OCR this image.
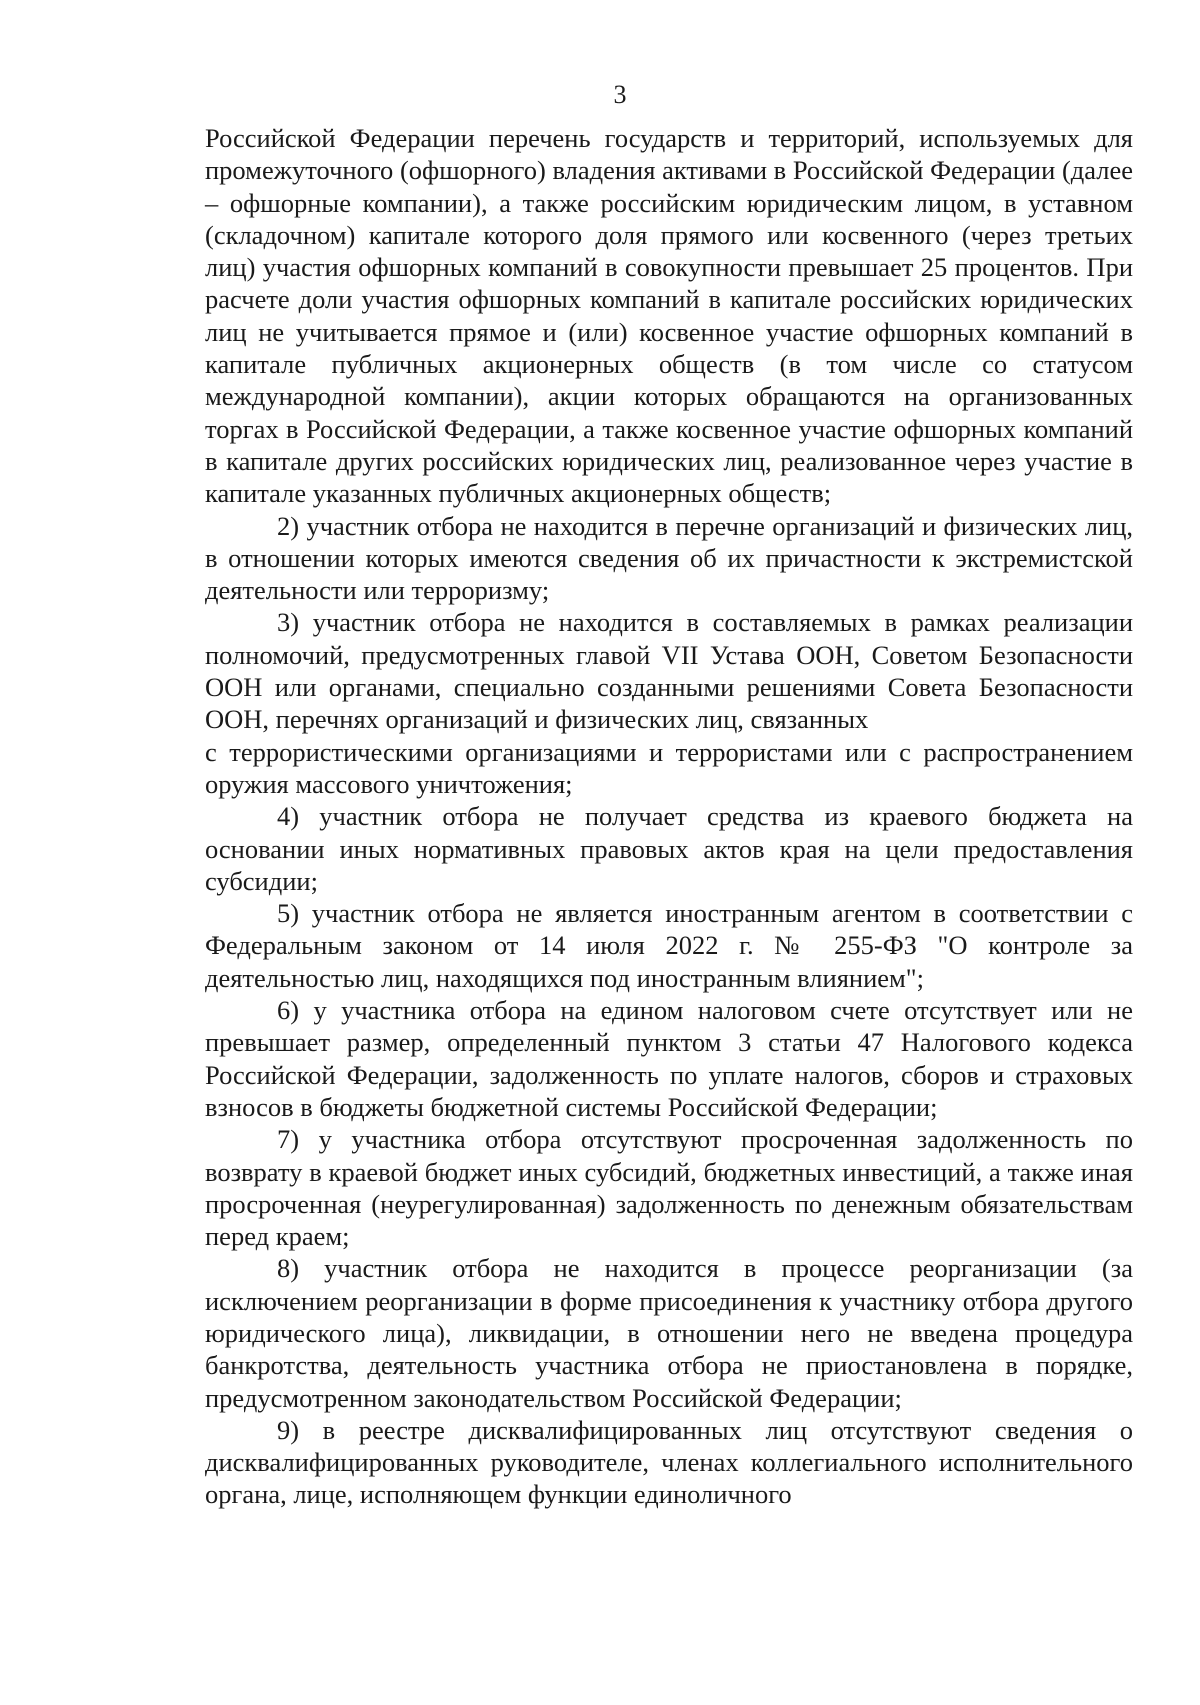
3

Российской Федерации перечень государств и территорий, используемых для промежуточного (офшорного) владения активами в Российской Федерации (далее – офшорные компании), а также российским юридическим лицом, в уставном (складочном) капитале которого доля прямого или косвенного (через третьих лиц) участия офшорных компаний в совокупности превышает 25 процентов. При расчете доли участия офшорных компаний в капитале российских юридических лиц не учитывается прямое и (или) косвенное участие офшорных компаний в капитале публичных акционерных обществ (в том числе со статусом международной компании), акции которых обращаются на организованных торгах в Российской Федерации, а также косвенное участие офшорных компаний в капитале других российских юридических лиц, реализованное через участие в капитале указанных публичных акционерных обществ;

2) участник отбора не находится в перечне организаций и физических лиц, в отношении которых имеются сведения об их причастности к экстремистской деятельности или терроризму;

3) участник отбора не находится в составляемых в рамках реализации полномочий, предусмотренных главой VII Устава ООН, Советом Безопасности ООН или органами, специально созданными решениями Совета Безопасности ООН, перечнях организаций и физических лиц, связанных

с террористическими организациями и террористами или с распространением оружия массового уничтожения;

4) участник отбора не получает средства из краевого бюджета на основании иных нормативных правовых актов края на цели предоставления субсидии;

5) участник отбора не является иностранным агентом в соответствии с Федеральным законом от 14 июля 2022 г. № 255-ФЗ "О контроле за деятельностью лиц, находящихся под иностранным влиянием";

6) у участника отбора на едином налоговом счете отсутствует или не превышает размер, определенный пунктом 3 статьи 47 Налогового кодекса Российской Федерации, задолженность по уплате налогов, сборов и страховых взносов в бюджеты бюджетной системы Российской Федерации;

7) у участника отбора отсутствуют просроченная задолженность по возврату в краевой бюджет иных субсидий, бюджетных инвестиций, а также иная просроченная (неурегулированная) задолженность по денежным обязательствам перед краем;

8) участник отбора не находится в процессе реорганизации (за исключением реорганизации в форме присоединения к участнику отбора другого юридического лица), ликвидации, в отношении него не введена процедура банкротства, деятельность участника отбора не приостановлена в порядке, предусмотренном законодательством Российской Федерации;

9) в реестре дисквалифицированных лиц отсутствуют сведения о дисквалифицированных руководителе, членах коллегиального исполнительного органа, лице, исполняющем функции единоличного
